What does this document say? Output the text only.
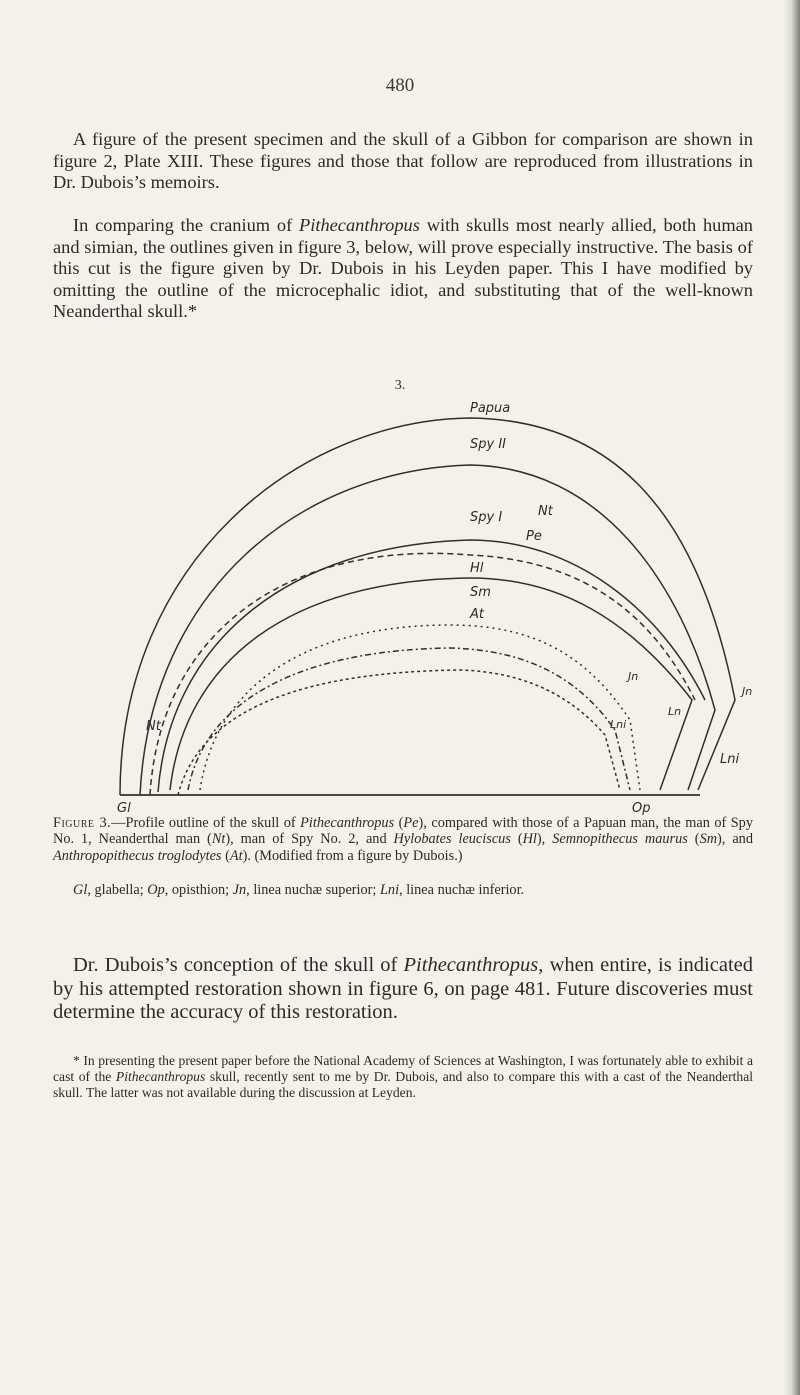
480

A figure of the present specimen and the skull of a Gibbon for comparison are shown in figure 2, Plate XIII. These figures and those that follow are reproduced from illustrations in Dr. Dubois’s memoirs.

In comparing the cranium of Pithecanthropus with skulls most nearly allied, both human and simian, the outlines given in figure 3, below, will prove especially instructive. The basis of this cut is the figure given by Dr. Dubois in his Leyden paper. This I have modified by omitting the outline of the microcephalic idiot, and substituting that of the well-known Neanderthal skull.*

3.
Papua
Spy II
Spy I	Nt
Pe
Hl
Sm
At
Jn
Ln
Lni
Jn
Lni
Nt
Gl	Op

Figure 3.—Profile outline of the skull of Pithecanthropus (Pe), compared with those of a Papuan man, the man of Spy No. 1, Neanderthal man (Nt), man of Spy No. 2, and Hylobates leuciscus (Hl), Semnopithecus maurus (Sm), and Anthropopithecus troglodytes (At). (Modified from a figure by Dubois.)

Gl, glabella; Op, opisthion; Jn, linea nuchæ superior; Lni, linea nuchæ inferior.

Dr. Dubois’s conception of the skull of Pithecanthropus, when entire, is indicated by his attempted restoration shown in figure 6, on page 481. Future discoveries must determine the accuracy of this restoration.

* In presenting the present paper before the National Academy of Sciences at Washington, I was fortunately able to exhibit a cast of the Pithecanthropus skull, recently sent to me by Dr. Dubois, and also to compare this with a cast of the Neanderthal skull. The latter was not available during the discussion at Leyden.
